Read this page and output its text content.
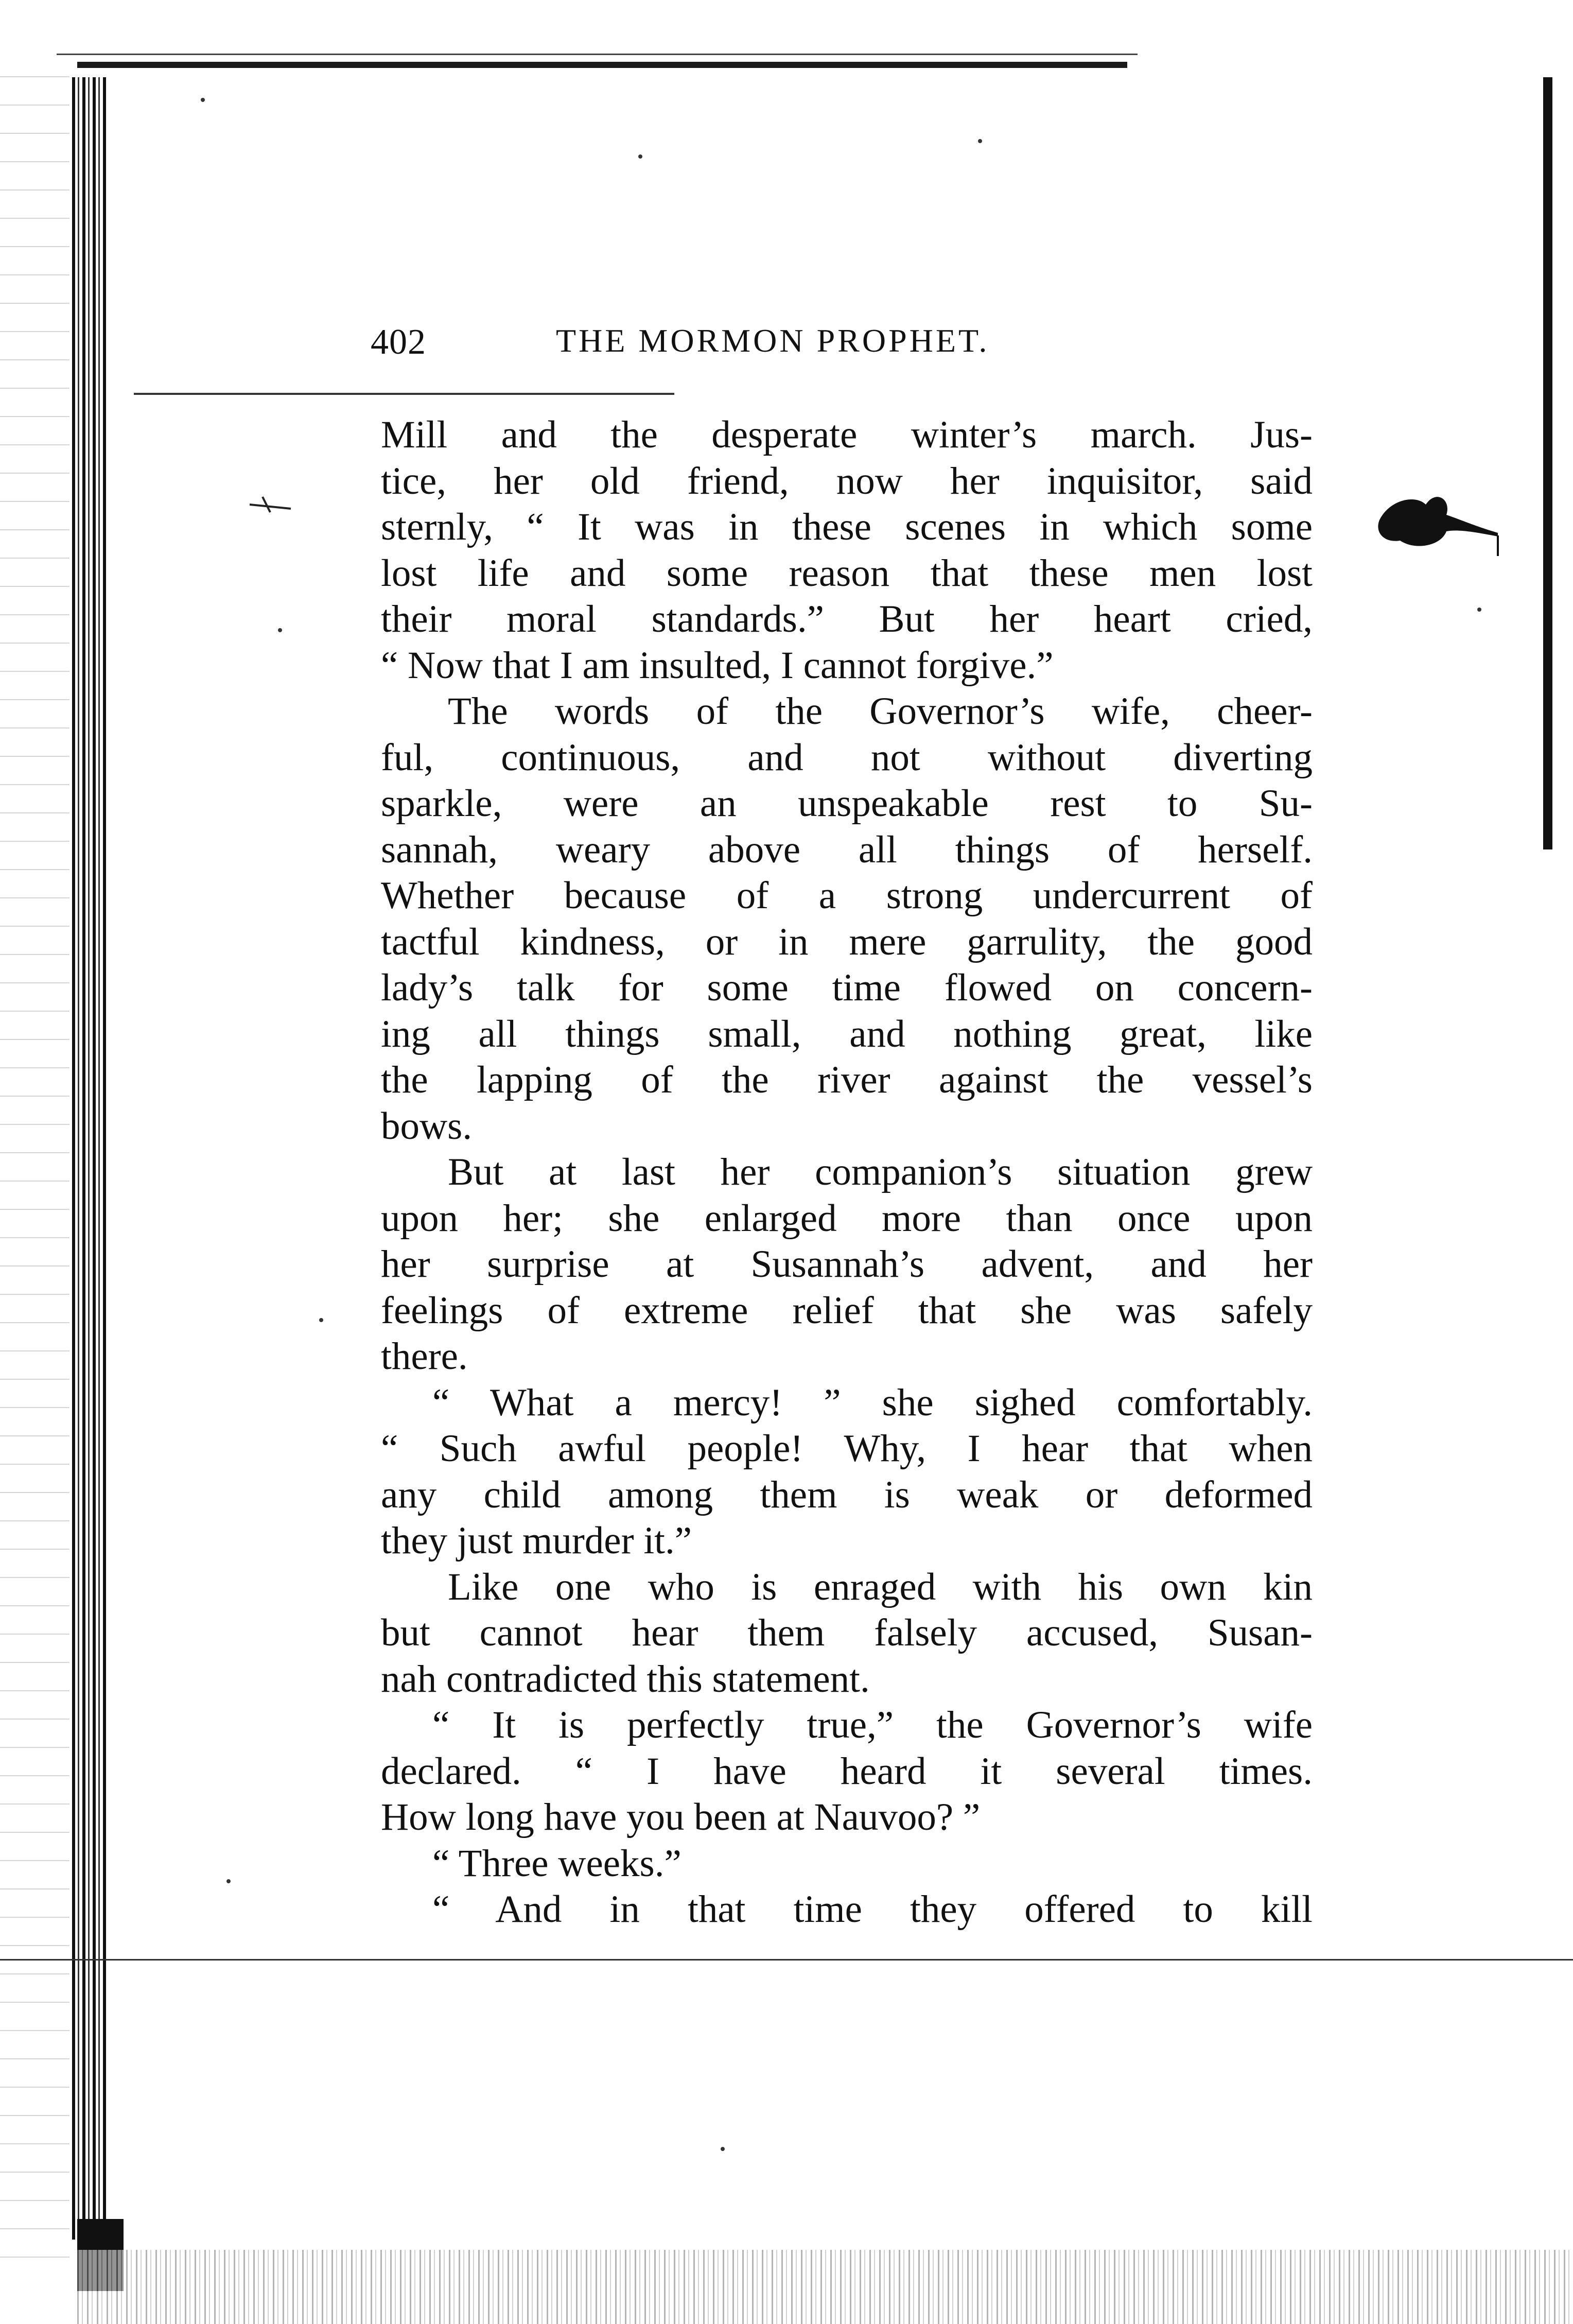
402	THE MORMON PROPHET.
Mill and the desperate winter’s march. Jus-
tice, her old friend, now her inquisitor, said
sternly, “ It was in these scenes in which some
lost life and some reason that these men lost
their moral standards.” But her heart cried,
“ Now that I am insulted, I cannot forgive.”
The words of the Governor’s wife, cheer-
ful, continuous, and not without diverting
sparkle, were an unspeakable rest to Su-
sannah, weary above all things of herself.
Whether because of a strong undercurrent of
tactful kindness, or in mere garrulity, the good
lady’s talk for some time flowed on concern-
ing all things small, and nothing great, like
the lapping of the river against the vessel’s
bows.
But at last her companion’s situation grew
upon her; she enlarged more than once upon
her surprise at Susannah’s advent, and her
feelings of extreme relief that she was safely
there.
“ What a mercy! ” she sighed comfortably.
“ Such awful people! Why, I hear that when
any child among them is weak or deformed
they just murder it.”
Like one who is enraged with his own kin
but cannot hear them falsely accused, Susan-
nah contradicted this statement.
“ It is perfectly true,” the Governor’s wife
declared. “ I have heard it several times.
How long have you been at Nauvoo? ”
“ Three weeks.”
“ And in that time they offered to kill
